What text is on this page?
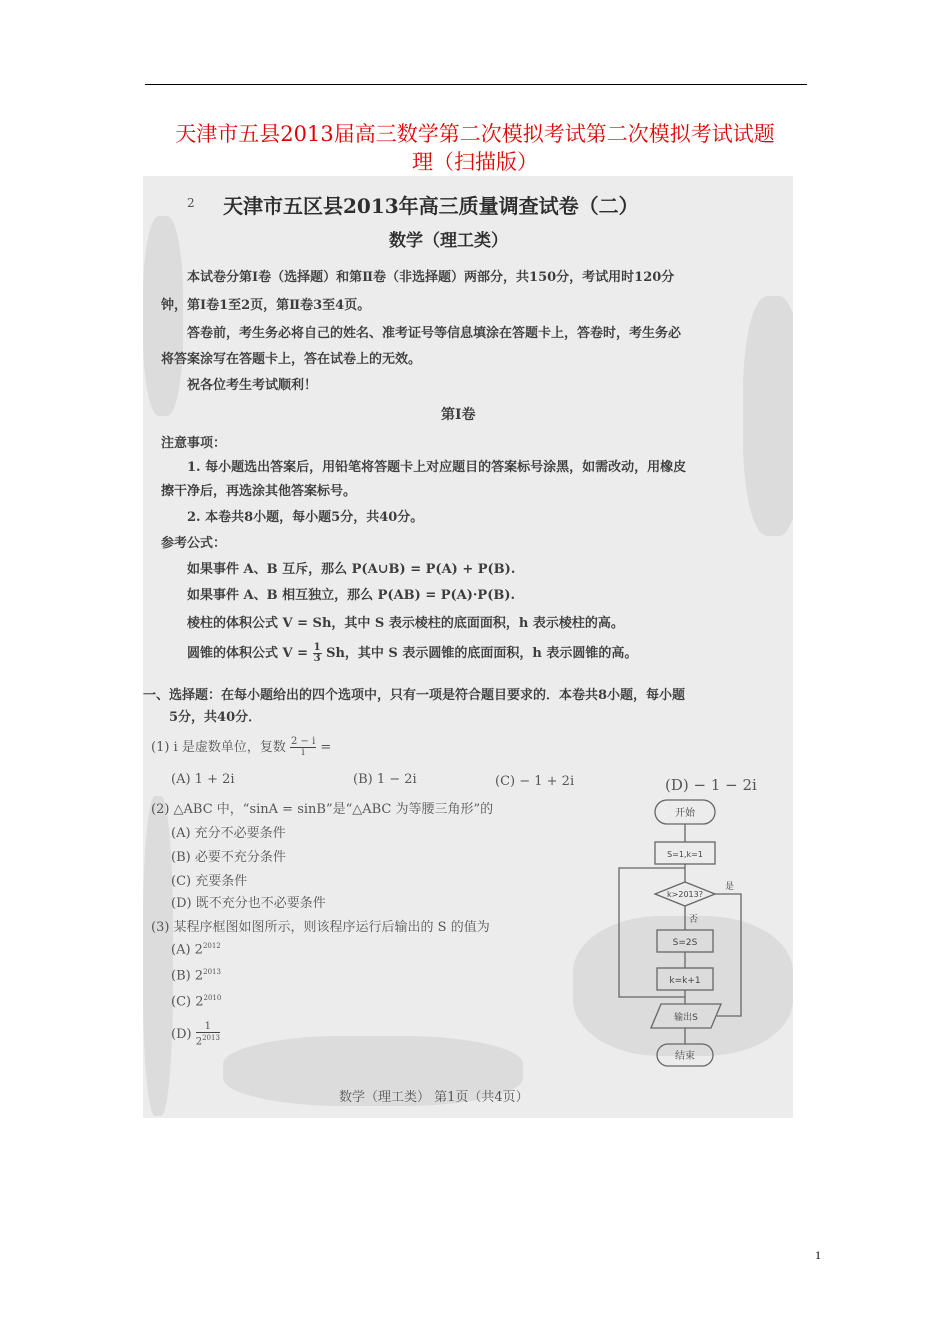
天津市五县2013届高三数学第二次模拟考试第二次模拟考试试题
理（扫描版）
2 天津市五区县2013年高三质量调查试卷（二）
数学（理工类）
本试卷分第Ⅰ卷（选择题）和第Ⅱ卷（非选择题）两部分，共150分，考试用时120分
钟，第Ⅰ卷1至2页，第Ⅱ卷3至4页。
答卷前，考生务必将自己的姓名、准考证号等信息填涂在答题卡上，答卷时，考生务必
将答案涂写在答题卡上，答在试卷上的无效。
祝各位考生考试顺利！
第Ⅰ卷
注意事项：
1. 每小题选出答案后，用铅笔将答题卡上对应题目的答案标号涂黑，如需改动，用橡皮
擦干净后，再选涂其他答案标号。
2. 本卷共8小题，每小题5分，共40分。
参考公式：
如果事件 A、B 互斥，那么 P(A∪B) = P(A) + P(B).
如果事件 A、B 相互独立，那么 P(AB) = P(A)·P(B).
棱柱的体积公式 V = Sh，其中 S 表示棱柱的底面面积，h 表示棱柱的高。
圆锥的体积公式 $V = \frac{1}{3}$ Sh，其中 S 表示圆锥的底面面积，h 表示圆锥的高。
一、选择题：在每小题给出的四个选项中，只有一项是符合题目要求的．本卷共8小题，每小题
5分，共40分．
(1) i 是虚数单位，复数 $\frac{2 - i}{i}$ =
(A) 1 + 2i	(B) 1 − 2i	(C) − 1 + 2i	(D) − 1 − 2i
(2) △ABC 中，“sinA = sinB”是“△ABC 为等腰三角形”的
(A) 充分不必要条件
(B) 必要不充分条件
(C) 充要条件
(D) 既不充分也不必要条件
(3) 某程序框图如图所示，则该程序运行后输出的 S 的值为
(A) $2^{2012}$
(B) $2^{2013}$
(C) $2^{2010}$
$(D) \frac{1}{2^{2013}}$
开始
S=1,k=1
k>2013?
是
否
S=2S
k=k+1
输出S
结束
数学（理工类） 第1页（共4页）
1
